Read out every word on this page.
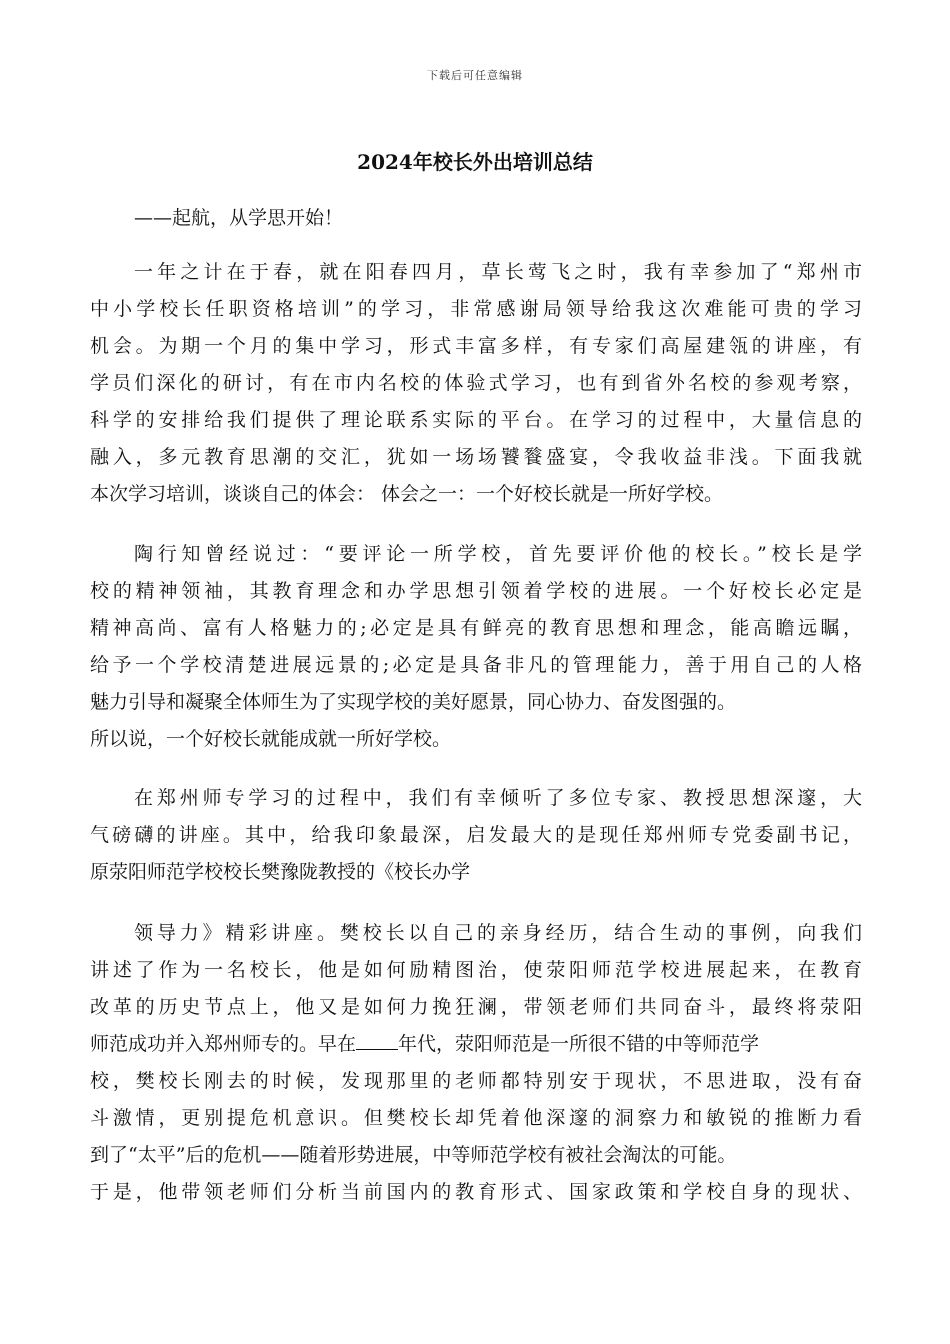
下载后可任意编辑
2024年校长外出培训总结
——起航，从学思开始！
一年之计在于春，就在阳春四月，草长莺飞之时，我有幸参加了“郑州市
中小学校长任职资格培训”的学习，非常感谢局领导给我这次难能可贵的学习
机会。为期一个月的集中学习，形式丰富多样，有专家们高屋建瓴的讲座，有
学员们深化的研讨，有在市内名校的体验式学习，也有到省外名校的参观考察，
科学的安排给我们提供了理论联系实际的平台。在学习的过程中，大量信息的
融入，多元教育思潮的交汇，犹如一场场饕餮盛宴，令我收益非浅。下面我就
本次学习培训，谈谈自己的体会： 体会之一：一个好校长就是一所好学校。
陶行知曾经说过：“要评论一所学校，首先要评价他的校长。”校长是学
校的精神领袖，其教育理念和办学思想引领着学校的进展。一个好校长必定是
精神高尚、富有人格魅力的;必定是具有鲜亮的教育思想和理念，能高瞻远瞩，
给予一个学校清楚进展远景的;必定是具备非凡的管理能力，善于用自己的人格
魅力引导和凝聚全体师生为了实现学校的美好愿景，同心协力、奋发图强的。
所以说，一个好校长就能成就一所好学校。
在郑州师专学习的过程中，我们有幸倾听了多位专家、教授思想深邃，大
气磅礴的讲座。其中，给我印象最深，启发最大的是现任郑州师专党委副书记，
原荥阳师范学校校长樊豫陇教授的《校长办学
领导力》精彩讲座。樊校长以自己的亲身经历，结合生动的事例，向我们
讲述了作为一名校长，他是如何励精图治，使荥阳师范学校进展起来，在教育
改革的历史节点上，他又是如何力挽狂澜，带领老师们共同奋斗，最终将荥阳
师范成功并入郑州师专的。早在 年代，荥阳师范是一所很不错的中等师范学
校，樊校长刚去的时候，发现那里的老师都特别安于现状，不思进取，没有奋
斗激情，更别提危机意识。但樊校长却凭着他深邃的洞察力和敏锐的推断力看
到了“太平”后的危机——随着形势进展，中等师范学校有被社会淘汰的可能。
于是，他带领老师们分析当前国内的教育形式、国家政策和学校自身的现状、
